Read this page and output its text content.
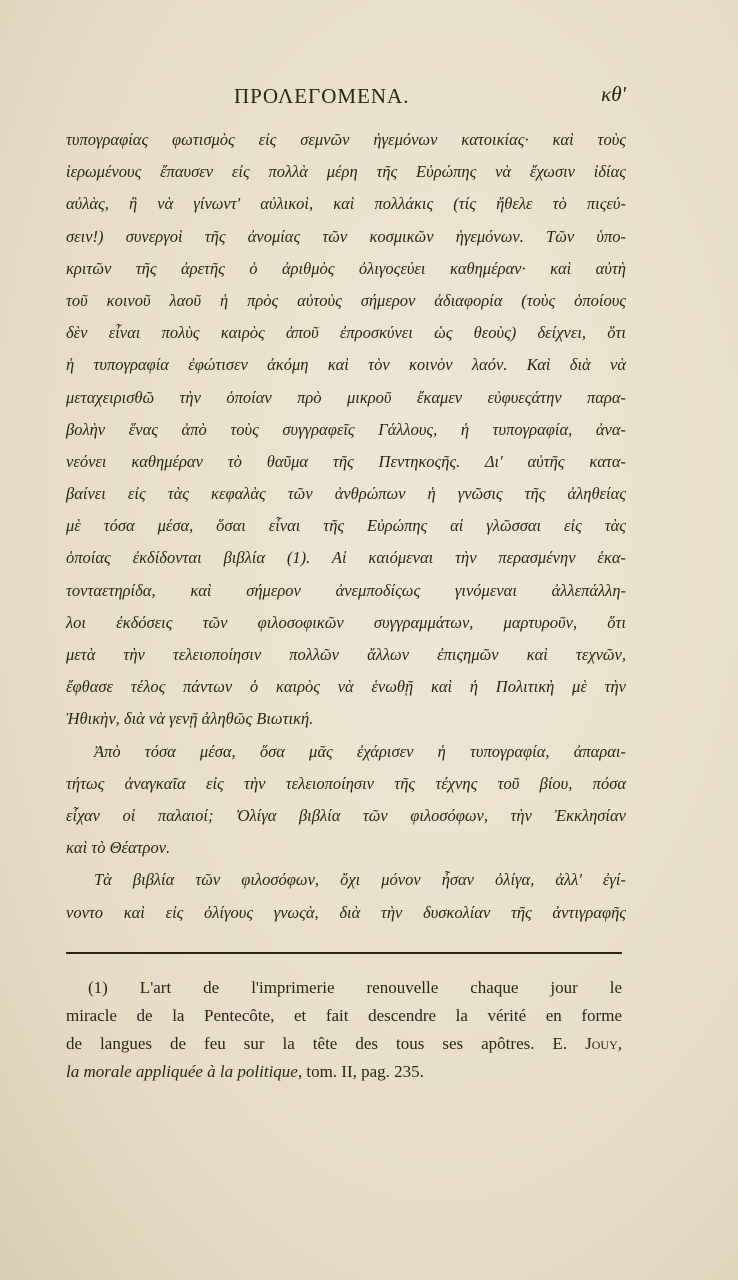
ΠΡΟΛΕΓΟΜΕΝΑ.	κθ'
τυπογραφίας φωτισμὸς εἰς σεμνῶν ἡγεμόνων κατοικίας· καὶ τοὺς
ἱερωμένους ἔπαυσεν εἰς πολλὰ μέρη τῆς Εὐρώπης νὰ ἔχωσιν ἰδίας
αὐλὰς, ἢ νὰ γίνωντ' αὐλικοὶ, καὶ πολλάκις (τίς ἤθελε τὸ πιςεύ-
σειν!) συνεργοὶ τῆς ἀνομίας τῶν κοσμικῶν ἡγεμόνων. Τῶν ὑπο-
κριτῶν τῆς ἀρετῆς ὁ ἀριθμὸς ὀλιγοςεύει καθημέραν· καὶ αὐτὴ
τοῦ κοινοῦ λαοῦ ἡ πρὸς αὐτοὺς σήμερον ἀδιαφορία (τοὺς ὁποίους
δὲν εἶναι πολὺς καιρὸς ἀποῦ ἐπροσκύνει ὡς θεοὺς) δείχνει, ὅτι
ἡ τυπογραφία ἐφώτισεν ἀκόμη καὶ τὸν κοινὸν λαόν. Καὶ διὰ νὰ
μεταχειρισθῶ τὴν ὁποίαν πρὸ μικροῦ ἔκαμεν εὐφυεςάτην παρα-
βολὴν ἕνας ἀπὸ τοὺς συγγραφεῖς Γάλλους, ἡ τυπογραφία, ἀνα-
νεόνει καθημέραν τὸ θαῦμα τῆς Πεντηκοςῆς. Δι' αὐτῆς κατα-
βαίνει εἰς τὰς κεφαλὰς τῶν ἀνθρώπων ἡ γνῶσις τῆς ἀληθείας
μὲ τόσα μέσα, ὅσαι εἶναι τῆς Εὐρώπης αἱ γλῶσσαι εἰς τὰς
ὁποίας ἐκδίδονται βιβλία (1). Αἱ καιόμεναι τὴν περασμένην ἑκα-
τονταετηρίδα, καὶ σήμερον ἀνεμποδίςως γινόμεναι ἀλλεπάλλη-
λοι ἐκδόσεις τῶν φιλοσοφικῶν συγγραμμάτων, μαρτυροῦν, ὅτι
μετὰ τὴν τελειοποίησιν πολλῶν ἄλλων ἐπιςημῶν καὶ τεχνῶν,
ἔφθασε τέλος πάντων ὁ καιρὸς νὰ ἑνωθῇ καὶ ἡ Πολιτικὴ μὲ τὴν
Ἠθικὴν, διὰ νὰ γενῇ ἀληθῶς Βιωτική.
Ἀπὸ τόσα μέσα, ὅσα μᾶς ἐχάρισεν ἡ τυπογραφία, ἀπαραι-
τήτως ἀναγκαῖα εἰς τὴν τελειοποίησιν τῆς τέχνης τοῦ βίου, πόσα
εἶχαν οἱ παλαιοί; Ὀλίγα βιβλία τῶν φιλοσόφων, τὴν Ἐκκλησίαν
καὶ τὸ Θέατρον.
Τὰ βιβλία τῶν φιλοσόφων, ὄχι μόνον ἦσαν ὀλίγα, ἀλλ' ἐγί-
νοντο καὶ εἰς ὀλίγους γνωςὰ, διὰ τὴν δυσκολίαν τῆς ἀντιγραφῆς
(1) L'art de l'imprimerie renouvelle chaque jour le
miracle de la Pentecôte, et fait descendre la vérité en forme
de langues de feu sur la tête des tous ses apôtres. E. Jouy,
la morale appliquée à la politique, tom. II, pag. 235.
